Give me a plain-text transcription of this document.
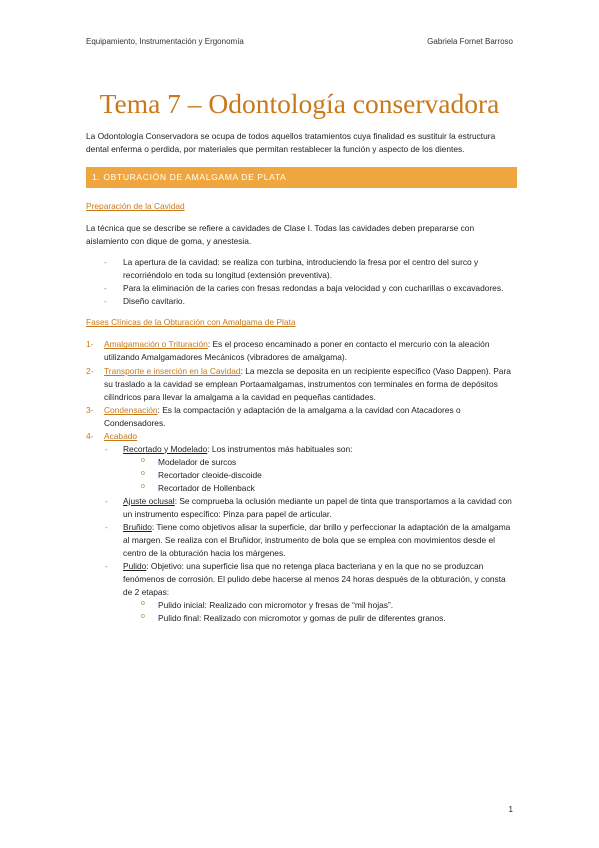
Equipamiento, Instrumentación y Ergonomía	Gabriela Fornet Barroso
Tema 7 – Odontología conservadora

La Odontología Conservadora se ocupa de todos aquellos tratamientos cuya finalidad es sustituir la estructura dental enferma o perdida, por materiales que permitan restablecer la función y aspecto de los dientes.

1. OBTURACIÓN DE AMALGAMA DE PLATA

Preparación de la Cavidad

La técnica que se describe se refiere a cavidades de Clase I. Todas las cavidades deben prepararse con aislamiento con dique de goma, y anestesia.

- La apertura de la cavidad: se realiza con turbina, introduciendo la fresa por el centro del surco y recorriéndolo en toda su longitud (extensión preventiva).
- Para la eliminación de la caries con fresas redondas a baja velocidad y con cucharillas o excavadores.
- Diseño cavitario.

Fases Clínicas de la Obturación con Amalgama de Plata

1- Amalgamación o Trituración: Es el proceso encaminado a poner en contacto el mercurio con la aleación utilizando Amalgamadores Mecánicos (vibradores de amalgama).
2- Transporte e inserción en la Cavidad: La mezcla se deposita en un recipiente específico (Vaso Dappen). Para su traslado a la cavidad se emplean Portaamalgamas, instrumentos con terminales en forma de depósitos cilíndricos para llevar la amalgama a la cavidad en pequeñas cantidades.
3- Condensación: Es la compactación y adaptación de la amalgama a la cavidad con Atacadores o Condensadores.
4- Acabado
- Recortado y Modelado: Los instrumentos más habituales son:
o Modelador de surcos
o Recortador cleoide-discoide
o Recortador de Hollenback
- Ajuste oclusal: Se comprueba la oclusión mediante un papel de tinta que transportamos a la cavidad con un instrumento específico: Pinza para papel de articular.
- Bruñido: Tiene como objetivos alisar la superficie, dar brillo y perfeccionar la adaptación de la amalgama al margen. Se realiza con el Bruñidor, instrumento de bola que se emplea con movimientos desde el centro de la obturación hacia los márgenes.
- Pulido: Objetivo: una superficie lisa que no retenga placa bacteriana y en la que no se produzcan fenómenos de corrosión. El pulido debe hacerse al menos 24 horas después de la obturación, y consta de 2 etapas:
o Pulido inicial: Realizado con micromotor y fresas de “mil hojas”.
o Pulido final: Realizado con micromotor y gomas de pulir de diferentes granos.
1
